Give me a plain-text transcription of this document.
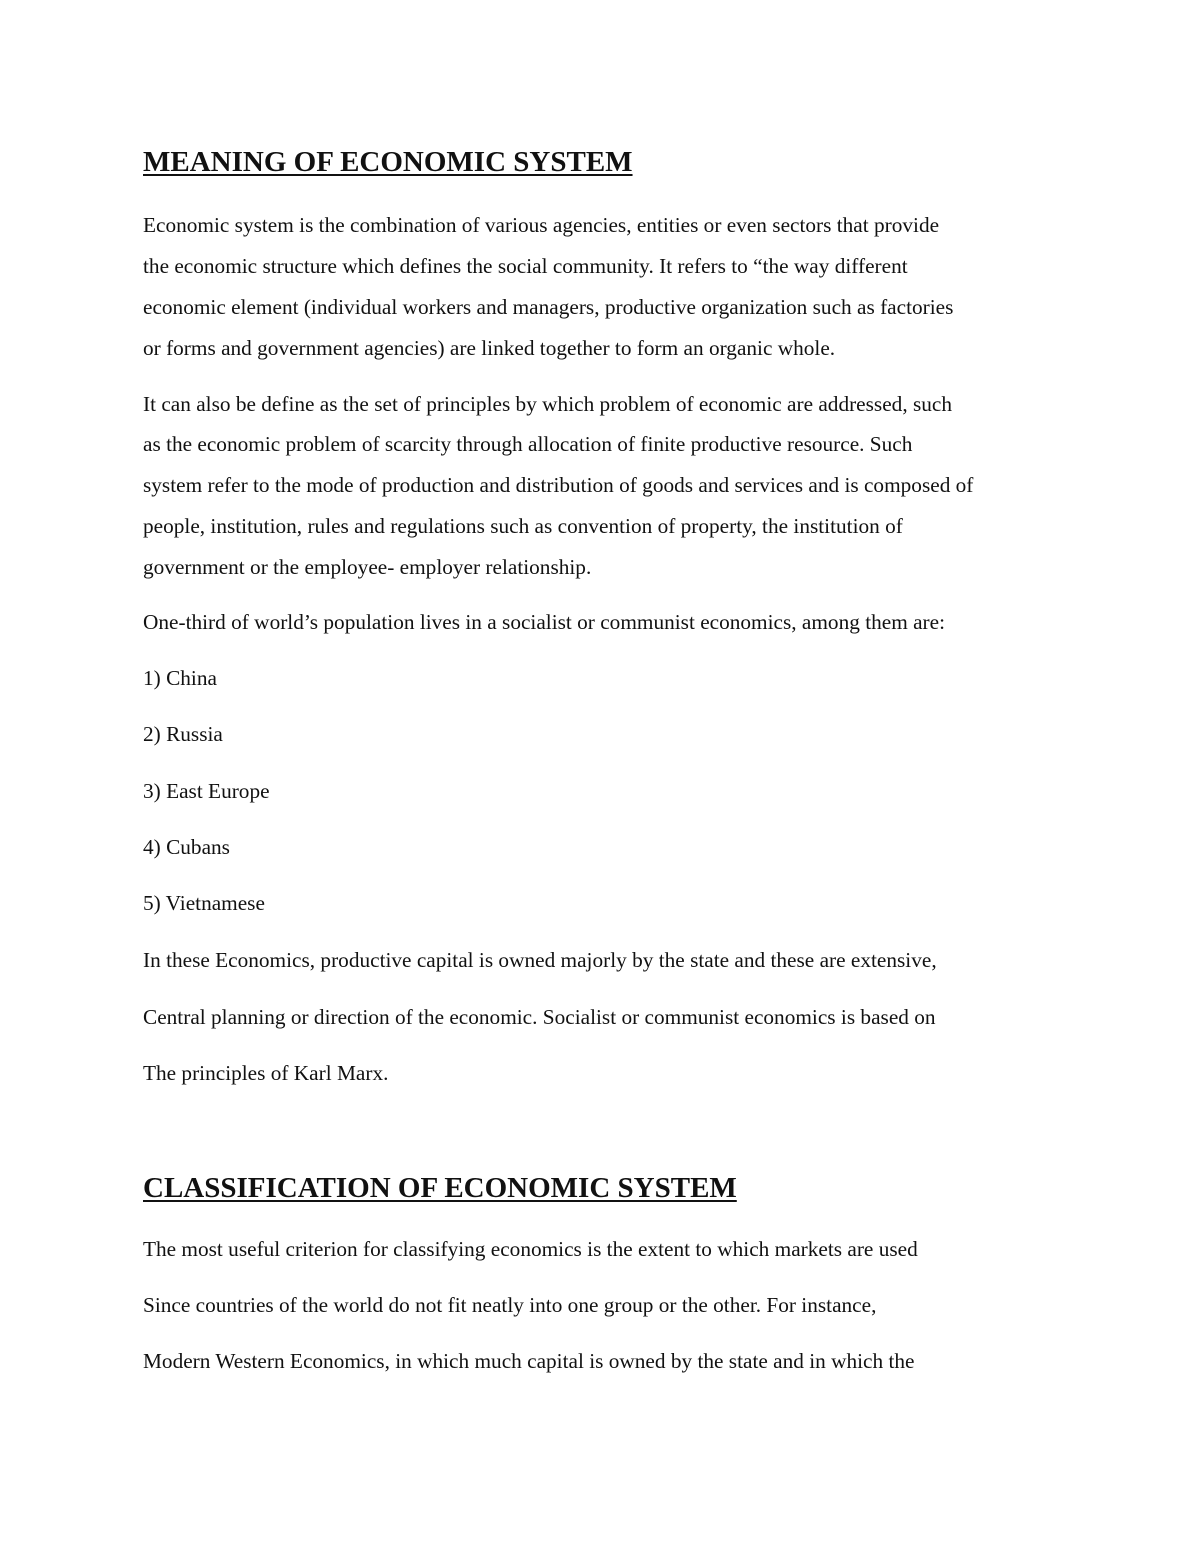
MEANING OF ECONOMIC SYSTEM
Economic system is the combination of various agencies, entities or even sectors that provide
the economic structure which defines the social community. It refers to “the way different
economic element (individual workers and managers, productive organization such as factories
or forms and government agencies) are linked together to form an organic whole.
It can also be define as the set of principles by which problem of economic are addressed, such
as the economic problem of scarcity through allocation of finite productive resource. Such
system refer to the mode of production and distribution of goods and services and is composed of
people, institution, rules and regulations such as convention of property, the institution of
government or the employee- employer relationship.
One-third of world’s population lives in a socialist or communist economics, among them are:
1) China
2) Russia
3) East Europe
4) Cubans
5) Vietnamese
In these Economics, productive capital is owned majorly by the state and these are extensive,
Central planning or direction of the economic. Socialist or communist economics is based on
The principles of Karl Marx.
CLASSIFICATION OF ECONOMIC SYSTEM
The most useful criterion for classifying economics is the extent to which markets are used
Since countries of the world do not fit neatly into one group or the other. For instance,
Modern Western Economics, in which much capital is owned by the state and in which the
